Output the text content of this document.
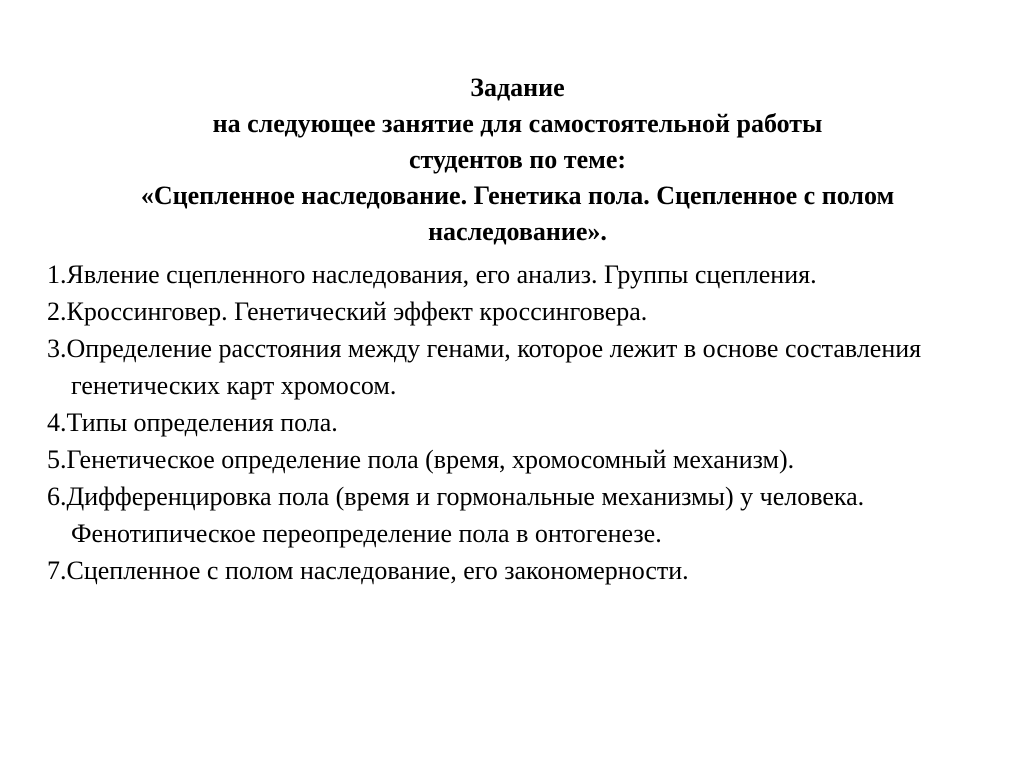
Задание
на следующее занятие для самостоятельной работы
студентов по теме:
«Сцепленное наследование. Генетика пола. Сцепленное с полом
наследование».
1.Явление сцепленного наследования, его анализ. Группы сцепления.
2.Кроссинговер. Генетический эффект кроссинговера.
3.Определение расстояния между генами, которое лежит в основе составления
генетических карт хромосом.
4.Типы определения пола.
5.Генетическое определение пола (время, хромосомный механизм).
6.Дифференцировка пола (время и гормональные механизмы) у человека.
Фенотипическое переопределение пола в онтогенезе.
7.Сцепленное с полом наследование, его закономерности.
